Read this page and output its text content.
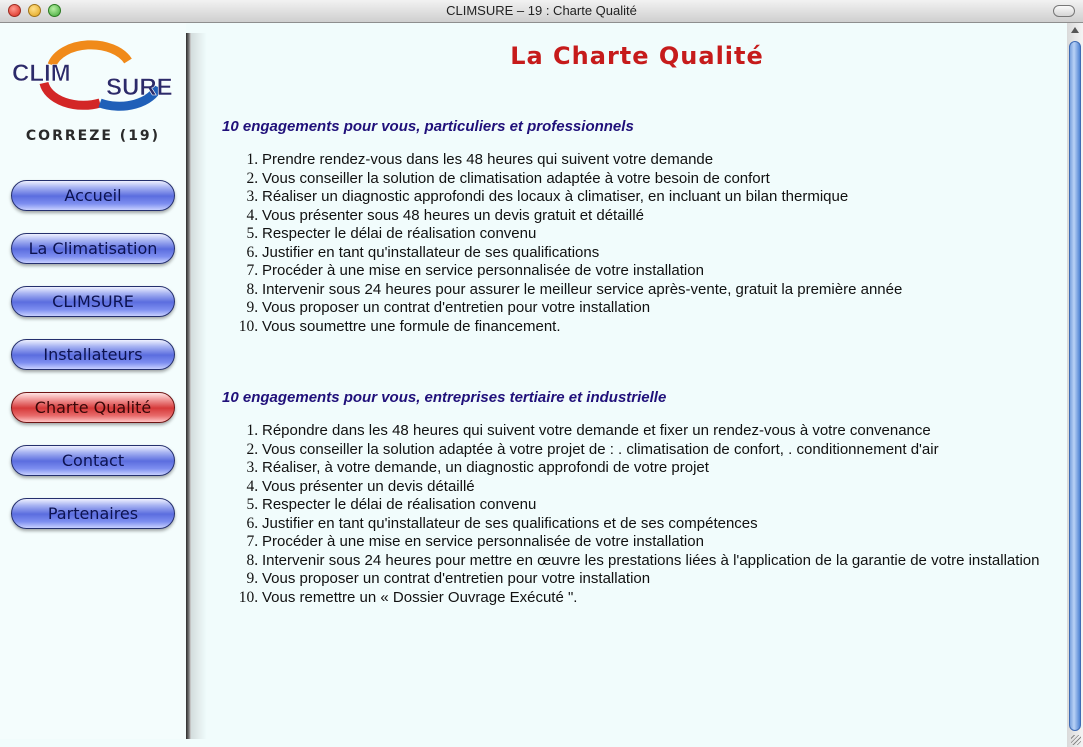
CLIMSURE – 19 : Charte Qualité
CLIM
SURE
CORREZE (19)
Accueil
La Climatisation
CLIMSURE
Installateurs
Charte Qualité
Contact
Partenaires
La Charte Qualité
10 engagements pour vous, particuliers et professionnels
1. Prendre rendez-vous dans les 48 heures qui suivent votre demande
2. Vous conseiller la solution de climatisation adaptée à votre besoin de confort
3. Réaliser un diagnostic approfondi des locaux à climatiser, en incluant un bilan thermique
4. Vous présenter sous 48 heures un devis gratuit et détaillé
5. Respecter le délai de réalisation convenu
6. Justifier en tant qu'installateur de ses qualifications
7. Procéder à une mise en service personnalisée de votre installation
8. Intervenir sous 24 heures pour assurer le meilleur service après-vente, gratuit la première année
9. Vous proposer un contrat d'entretien pour votre installation
10. Vous soumettre une formule de financement.
10 engagements pour vous, entreprises tertiaire et industrielle
1. Répondre dans les 48 heures qui suivent votre demande et fixer un rendez-vous à votre convenance
2. Vous conseiller la solution adaptée à votre projet de : . climatisation de confort, . conditionnement d'air
3. Réaliser, à votre demande, un diagnostic approfondi de votre projet
4. Vous présenter un devis détaillé
5. Respecter le délai de réalisation convenu
6. Justifier en tant qu'installateur de ses qualifications et de ses compétences
7. Procéder à une mise en service personnalisée de votre installation
8. Intervenir sous 24 heures pour mettre en œuvre les prestations liées à l'application de la garantie de votre installation
9. Vous proposer un contrat d'entretien pour votre installation
10. Vous remettre un « Dossier Ouvrage Exécuté ".
